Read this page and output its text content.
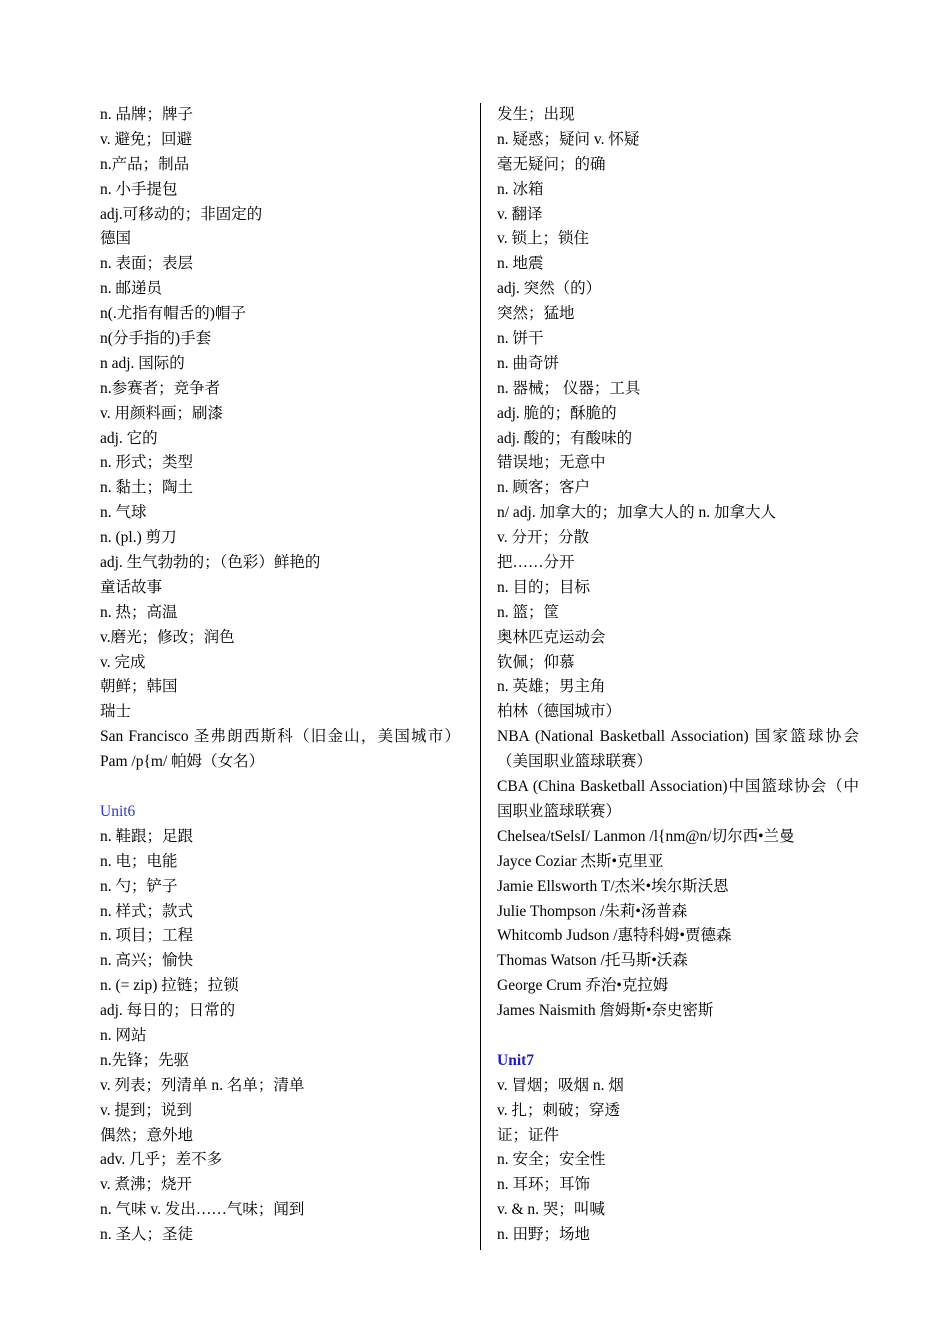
n. 品牌；牌子
v. 避免；回避
n.产品；制品
n. 小手提包
adj.可移动的；非固定的
德国
n. 表面；表层
n. 邮递员
n(.尤指有帽舌的)帽子
n(分手指的)手套
n adj. 国际的
n.参赛者；竞争者
v. 用颜料画；刷漆
adj. 它的
n. 形式；类型
n. 黏土；陶土
n. 气球
n. (pl.) 剪刀
adj. 生气勃勃的；（色彩）鲜艳的
童话故事
n. 热；高温
v.磨光；修改；润色
v. 完成
朝鲜；韩国
瑞士
San Francisco 圣弗朗西斯科（旧金山，美国城市）Pam /p{m/ 帕姆（女名）
Unit6
n. 鞋跟；足跟
n. 电；电能
n. 勺；铲子
n. 样式；款式
n. 项目；工程
n. 高兴；愉快
n. (= zip) 拉链；拉锁
adj. 每日的；日常的
n. 网站
n.先锋；先驱
v. 列表；列清单 n. 名单；清单
v. 提到；说到
偶然；意外地
adv. 几乎；差不多
v. 煮沸；烧开
n. 气味 v. 发出……气味；闻到
n. 圣人；圣徒
发生；出现
n. 疑惑；疑问 v. 怀疑
毫无疑问；的确
n. 冰箱
v. 翻译
v. 锁上；锁住
n. 地震
adj. 突然（的）
突然；猛地
n. 饼干
n. 曲奇饼
n. 器械； 仪器；工具
adj. 脆的；酥脆的
adj. 酸的；有酸味的
错误地；无意中
n. 顾客；客户
n/ adj. 加拿大的；加拿大人的 n. 加拿大人
v. 分开；分散
把……分开
n. 目的；目标
n. 篮；筐
奥林匹克运动会
钦佩；仰慕
n. 英雄；男主角
柏林（德国城市）
NBA (National Basketball Association) 国家篮球协会 （美国职业篮球联赛）
CBA (China Basketball Association)中国篮球协会（中国职业篮球联赛）
Chelsea/tSelsI/ Lanmon /l{nm@n/切尔西•兰曼
Jayce Coziar 杰斯•克里亚
Jamie Ellsworth T/杰米•埃尔斯沃恩
Julie Thompson /朱莉•汤普森
Whitcomb Judson /惠特科姆•贾德森
Thomas Watson /托马斯•沃森
George Crum 乔治•克拉姆
James Naismith 詹姆斯•奈史密斯
Unit7
v. 冒烟；吸烟 n. 烟
v. 扎；刺破；穿透
证；证件
n. 安全；安全性
n. 耳环；耳饰
v. & n. 哭；叫喊
n. 田野；场地
